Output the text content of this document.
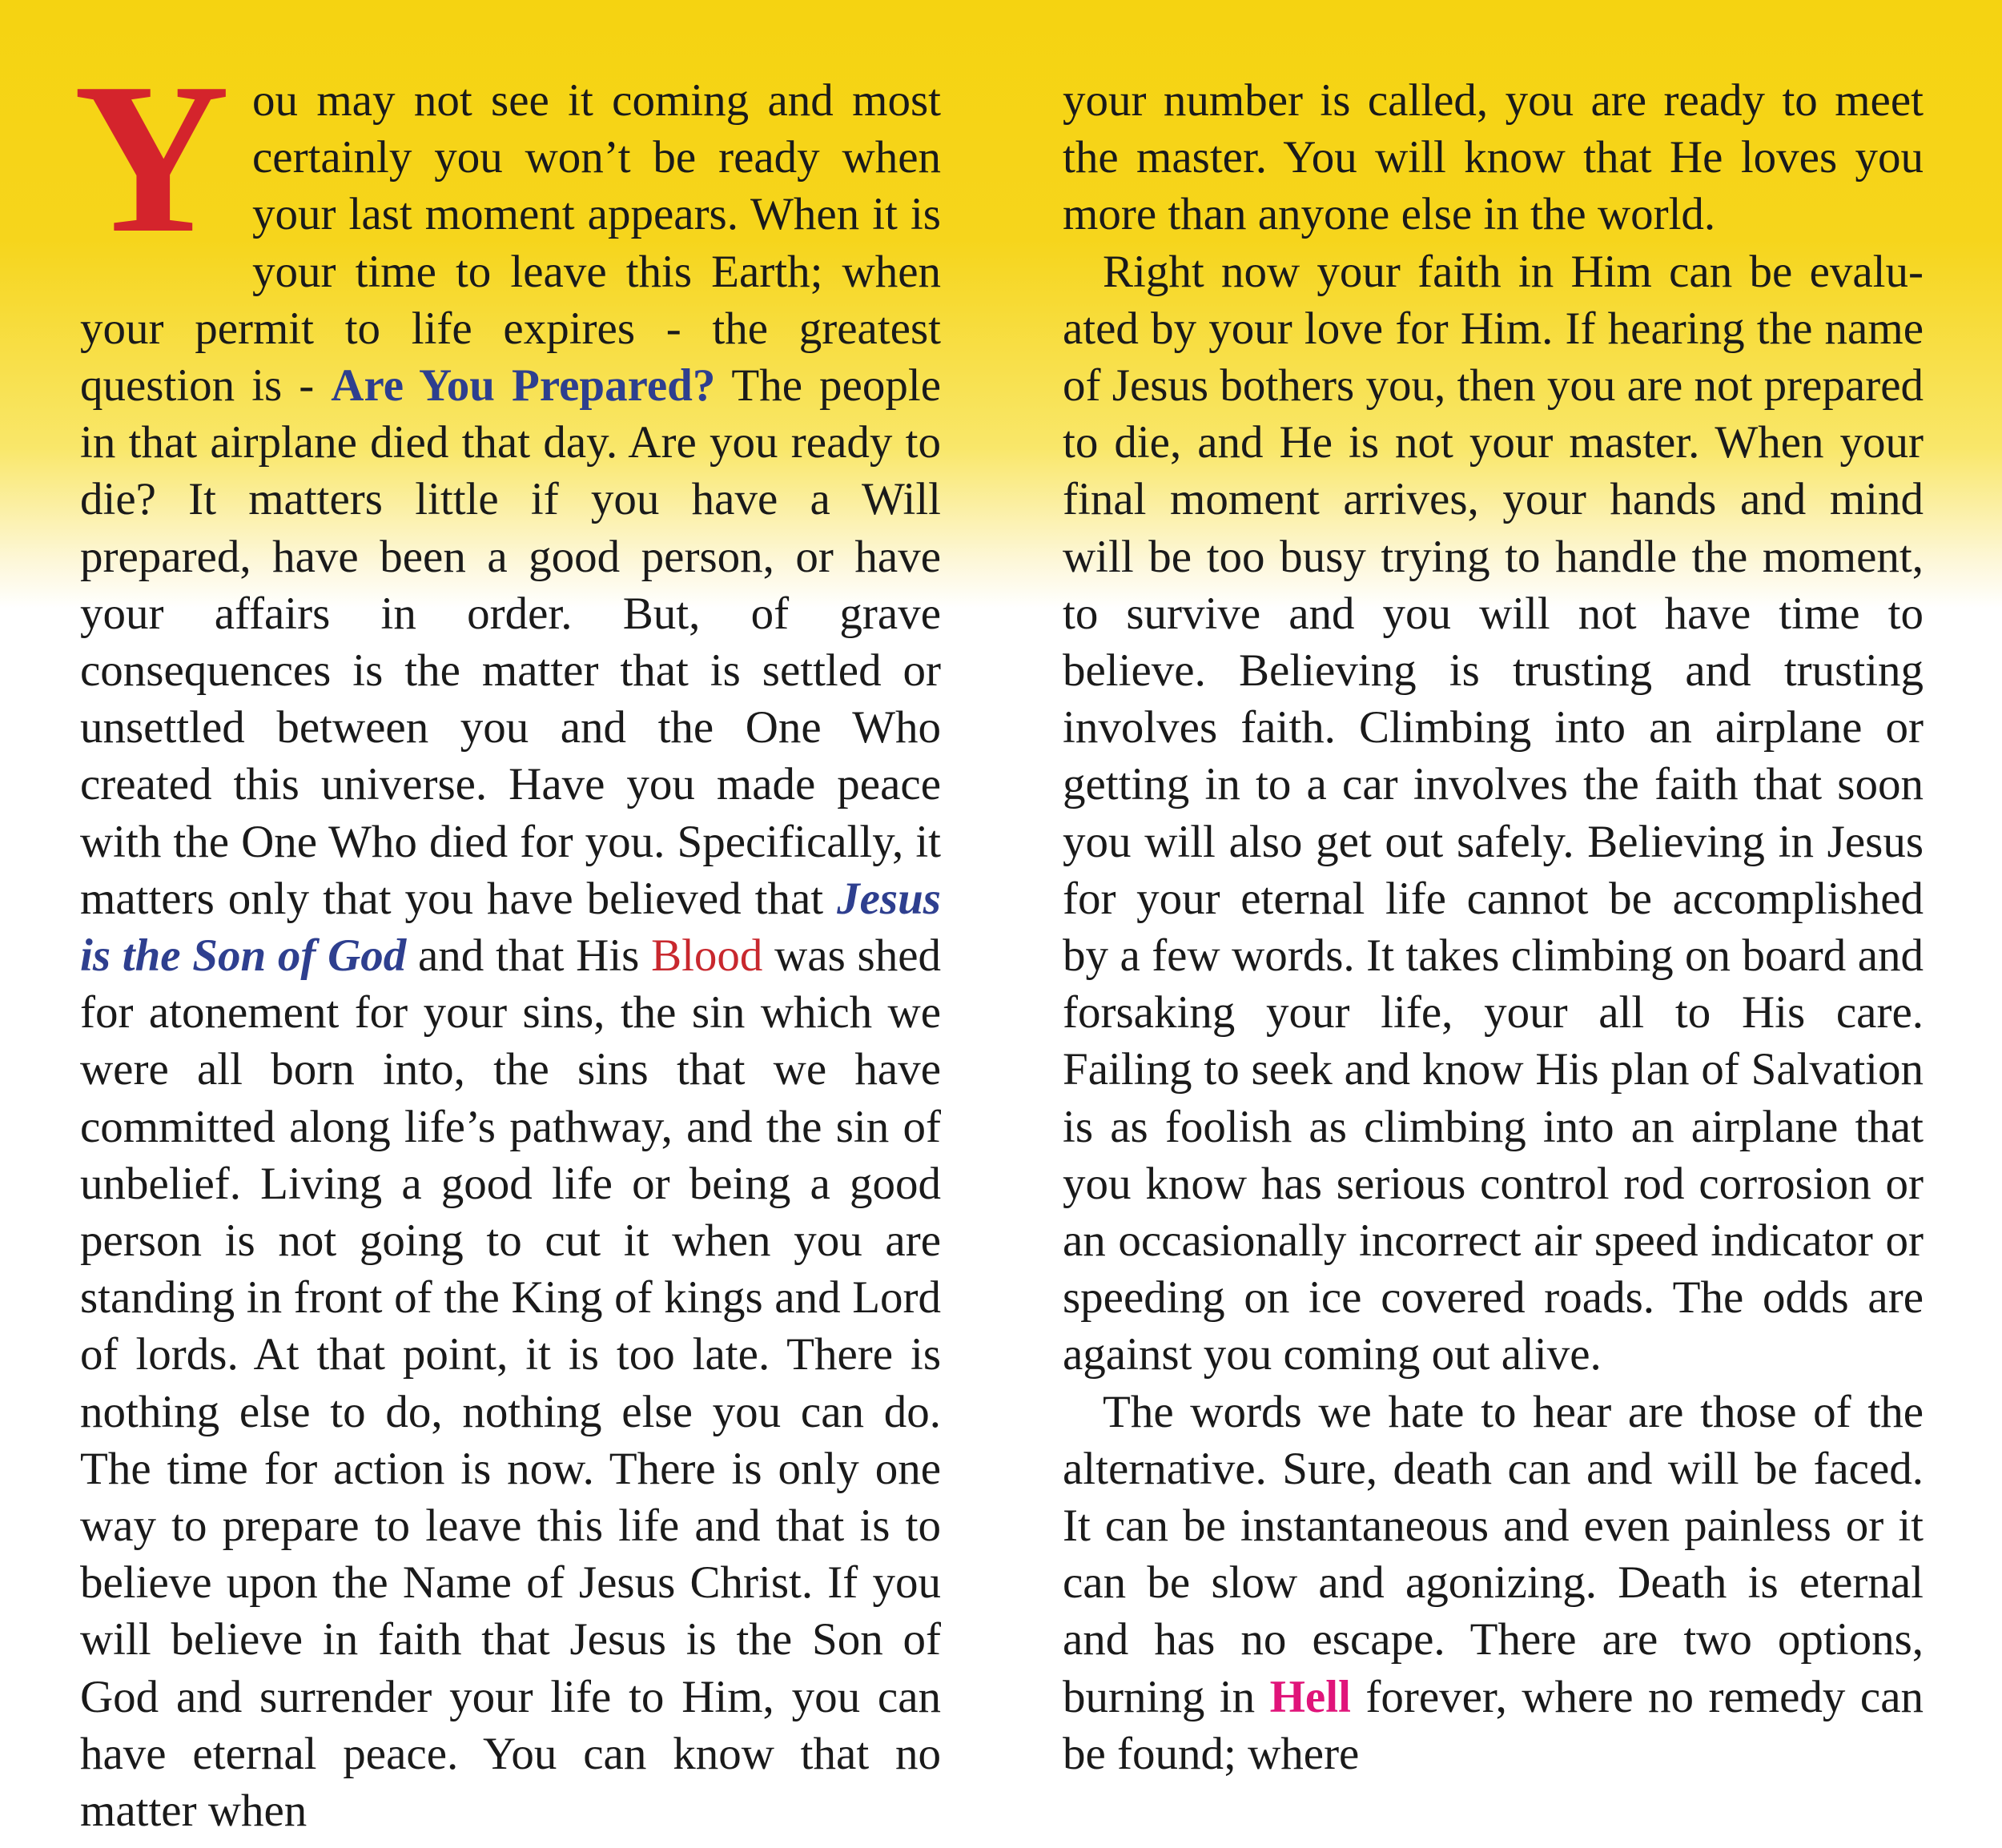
You may not see it coming and most certainly you won’t be ready when your last moment appears. When it is your time to leave this Earth; when your permit to life expires - the greatest question is - Are You Prepared? The people in that airplane died that day. Are you ready to die? It matters little if you have a Will prepared, have been a good person, or have your affairs in order. But, of grave consequences is the matter that is settled or unsettled between you and the One Who created this universe. Have you made peace with the One Who died for you. Specifically, it matters only that you have believed that Jesus is the Son of God and that His Blood was shed for atonement for your sins, the sin which we were all born into, the sins that we have committed along life’s pathway, and the sin of unbelief. Living a good life or being a good person is not going to cut it when you are standing in front of the King of kings and Lord of lords. At that point, it is too late. There is nothing else to do, nothing else you can do. The time for action is now. There is only one way to prepare to leave this life and that is to believe upon the Name of Jesus Christ. If you will believe in faith that Jesus is the Son of God and surrender your life to Him, you can have eternal peace. You can know that no matter when

your number is called, you are ready to meet the master. You will know that He loves you more than anyone else in the world.

Right now your faith in Him can be evaluated by your love for Him. If hearing the name of Jesus bothers you, then you are not prepared to die, and He is not your master. When your final moment arrives, your hands and mind will be too busy trying to handle the moment, to survive and you will not have time to believe. Believing is trusting and trusting involves faith. Climbing into an airplane or getting in to a car involves the faith that soon you will also get out safely. Believing in Jesus for your eternal life cannot be accomplished by a few words. It takes climbing on board and forsaking your life, your all to His care. Failing to seek and know His plan of Salvation is as foolish as climbing into an airplane that you know has serious control rod corrosion or an occasionally incorrect air speed indicator or speeding on ice covered roads. The odds are against you coming out alive.

The words we hate to hear are those of the alternative. Sure, death can and will be faced. It can be instantaneous and even painless or it can be slow and agonizing. Death is eternal and has no escape. There are two options, burning in Hell forever, where no remedy can be found; where
